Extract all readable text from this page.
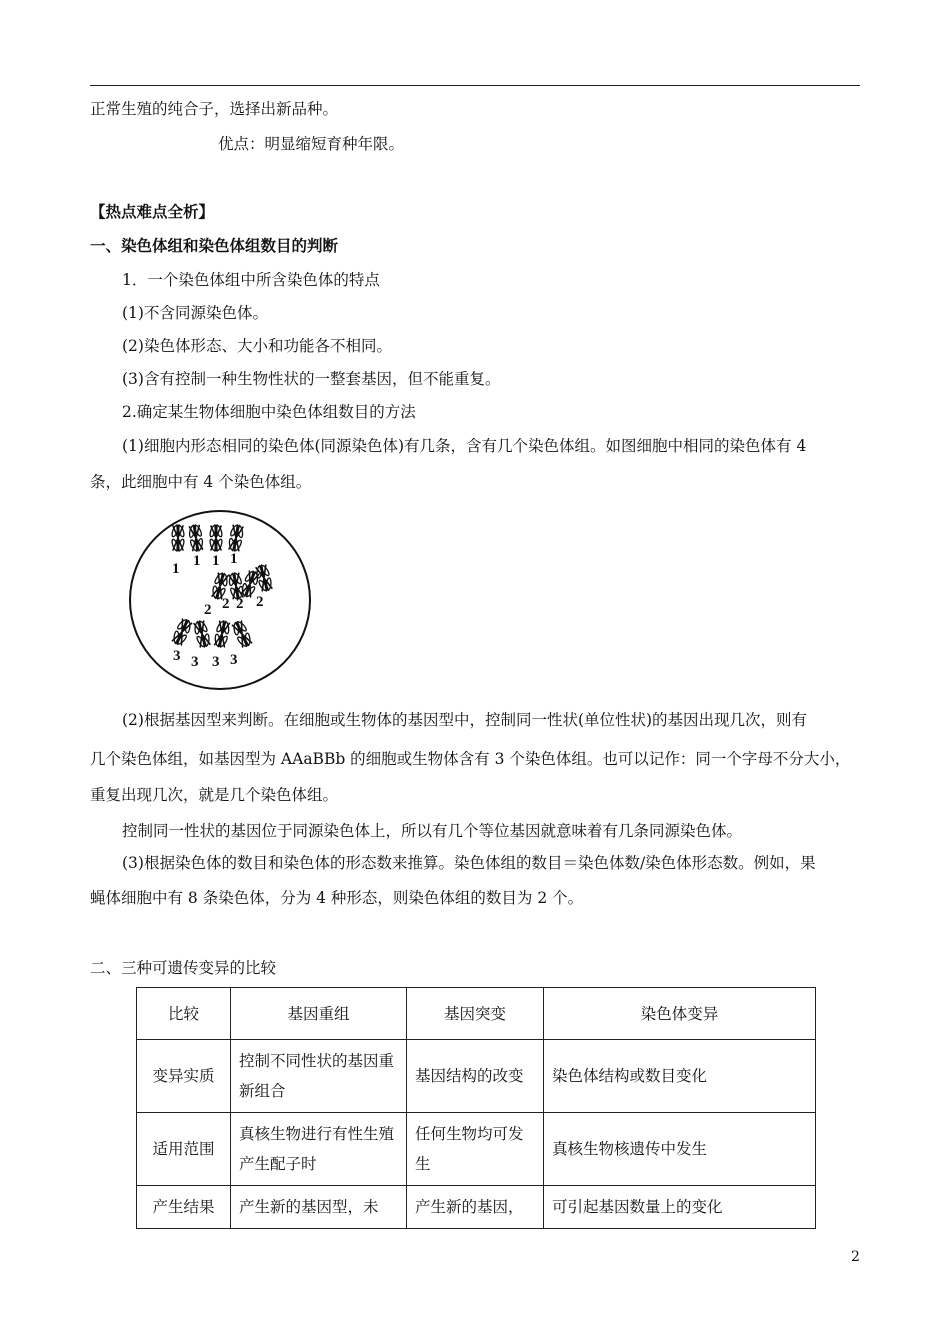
正常生殖的纯合子，选择出新品种。
优点：明显缩短育种年限。
【热点难点全析】
一、染色体组和染色体组数目的判断
1．一个染色体组中所含染色体的特点
(1)不含同源染色体。
(2)染色体形态、大小和功能各不相同。
(3)含有控制一种生物性状的一整套基因，但不能重复。
2.确定某生物体细胞中染色体组数目的方法
(1)细胞内形态相同的染色体(同源染色体)有几条，含有几个染色体组。如图细胞中相同的染色体有 4
条，此细胞中有 4 个染色体组。
1 1 1 1
2 2 2 2
3 3 3 3
(2)根据基因型来判断。在细胞或生物体的基因型中，控制同一性状(单位性状)的基因出现几次，则有
几个染色体组，如基因型为 AAaBBb 的细胞或生物体含有 3 个染色体组。也可以记作：同一个字母不分大小，
重复出现几次，就是几个染色体组。
控制同一性状的基因位于同源染色体上，所以有几个等位基因就意味着有几条同源染色体。
(3)根据染色体的数目和染色体的形态数来推算。染色体组的数目＝染色体数/染色体形态数。例如，果
蝇体细胞中有 8 条染色体，分为 4 种形态，则染色体组的数目为 2 个。
二、三种可遗传变异的比较
比较	基因重组	基因突变	染色体变异
变异实质	控制不同性状的基因重新组合	基因结构的改变	染色体结构或数目变化
适用范围	真核生物进行有性生殖产生配子时	任何生物均可发生	真核生物核遗传中发生
产生结果	产生新的基因型，未	产生新的基因，	可引起基因数量上的变化
2
